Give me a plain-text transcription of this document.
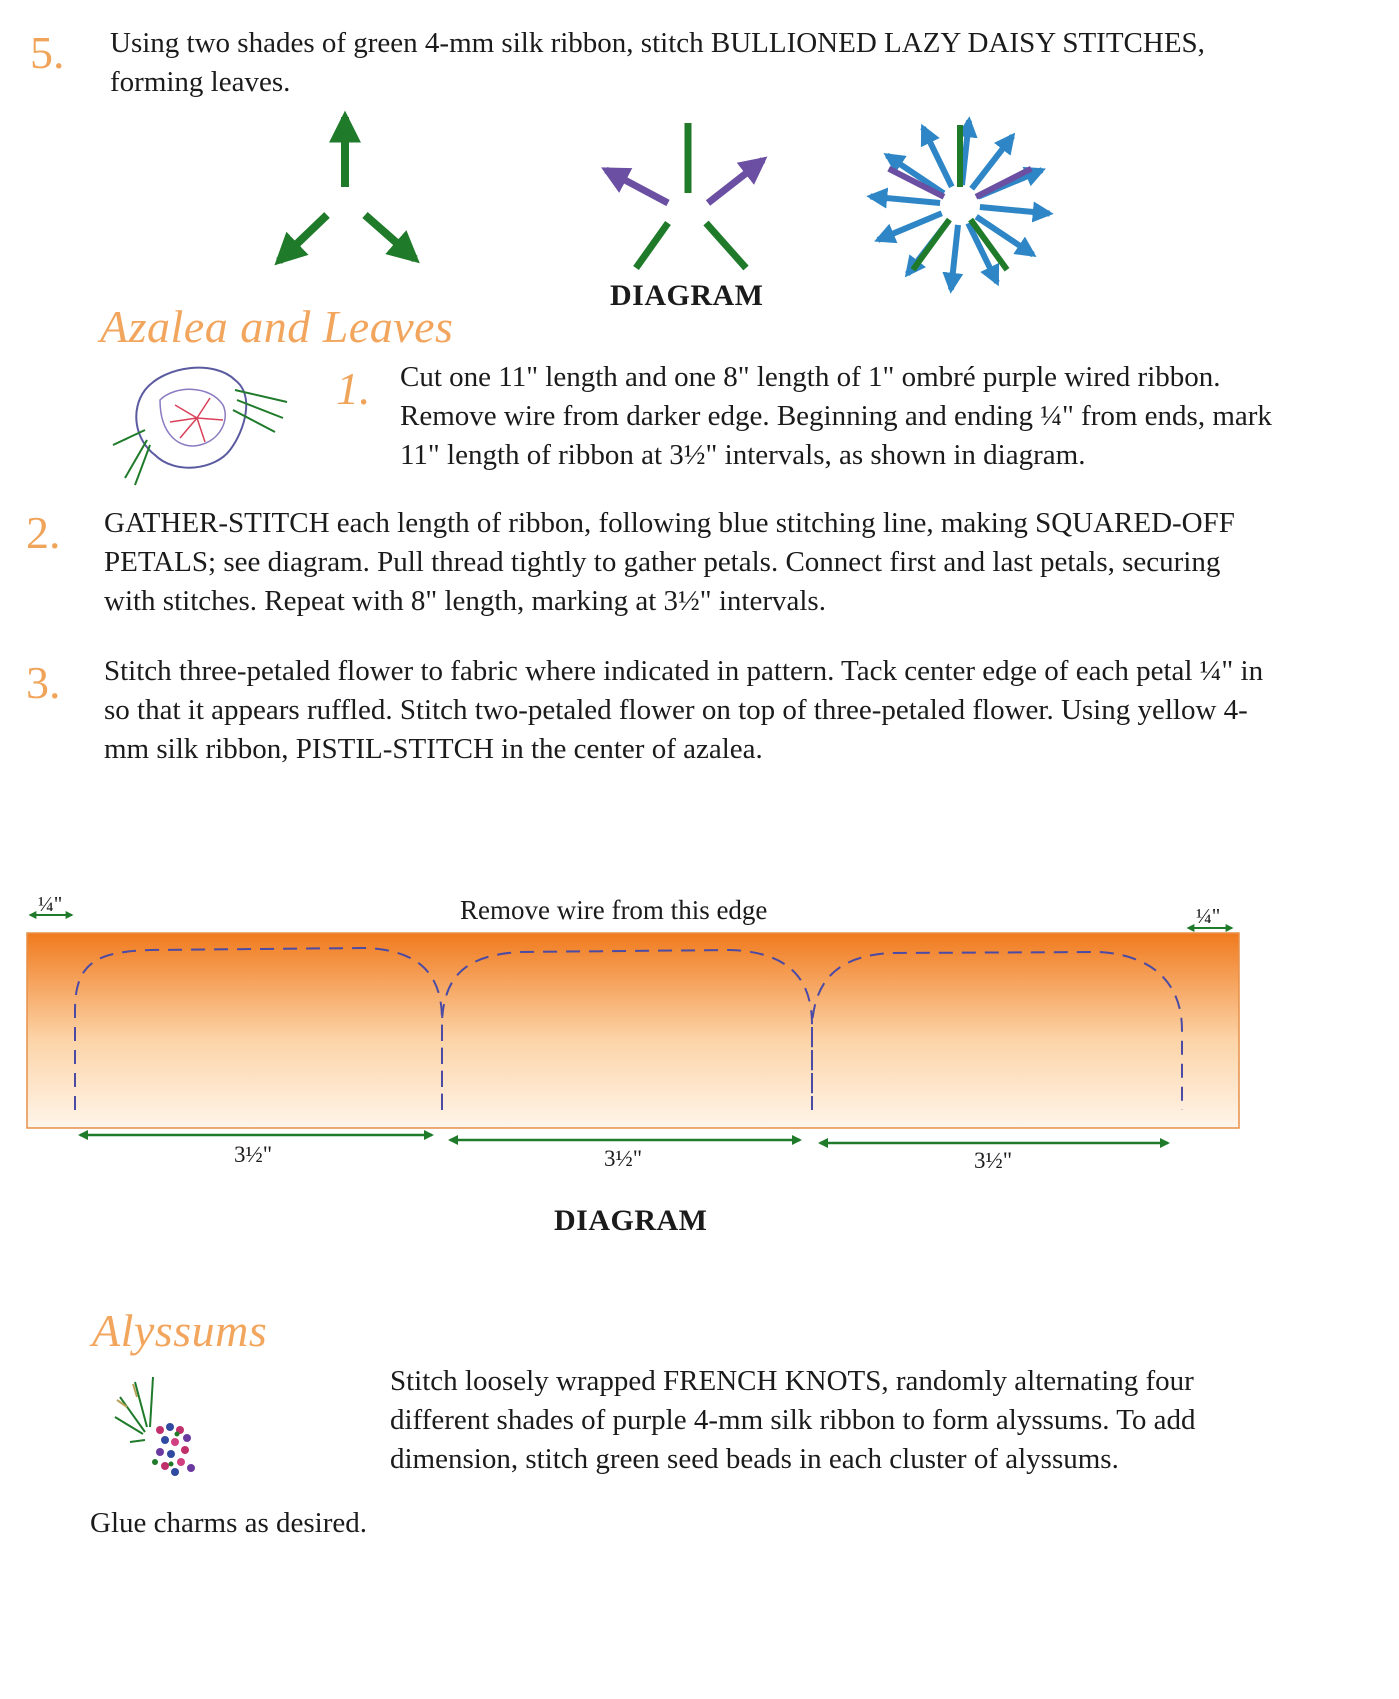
5. Using two shades of green 4-mm silk ribbon, stitch BULLIONED LAZY DAISY STITCHES, forming leaves.

DIAGRAM
Azalea and Leaves
1. Cut one 11" length and one 8" length of 1" ombré purple wired ribbon. Remove wire from darker edge. Beginning and ending ¼" from ends, mark 11" length of ribbon at 3½" intervals, as shown in diagram.

2. GATHER-STITCH each length of ribbon, following blue stitching line, making SQUARED-OFF PETALS; see diagram. Pull thread tightly to gather petals. Connect first and last petals, securing with stitches. Repeat with 8" length, marking at 3½" intervals.

3. Stitch three-petaled flower to fabric where indicated in pattern. Tack center edge of each petal ¼" in so that it appears ruffled. Stitch two-petaled flower on top of three-petaled flower. Using yellow 4-mm silk ribbon, PISTIL-STITCH in the center of azalea.

Remove wire from this edge
¼"	¼"
3½"	3½"	3½"
DIAGRAM
Alyssums

Stitch loosely wrapped FRENCH KNOTS, randomly alternating four different shades of purple 4-mm silk ribbon to form alyssums. To add dimension, stitch green seed beads in each cluster of alyssums.

Glue charms as desired.
